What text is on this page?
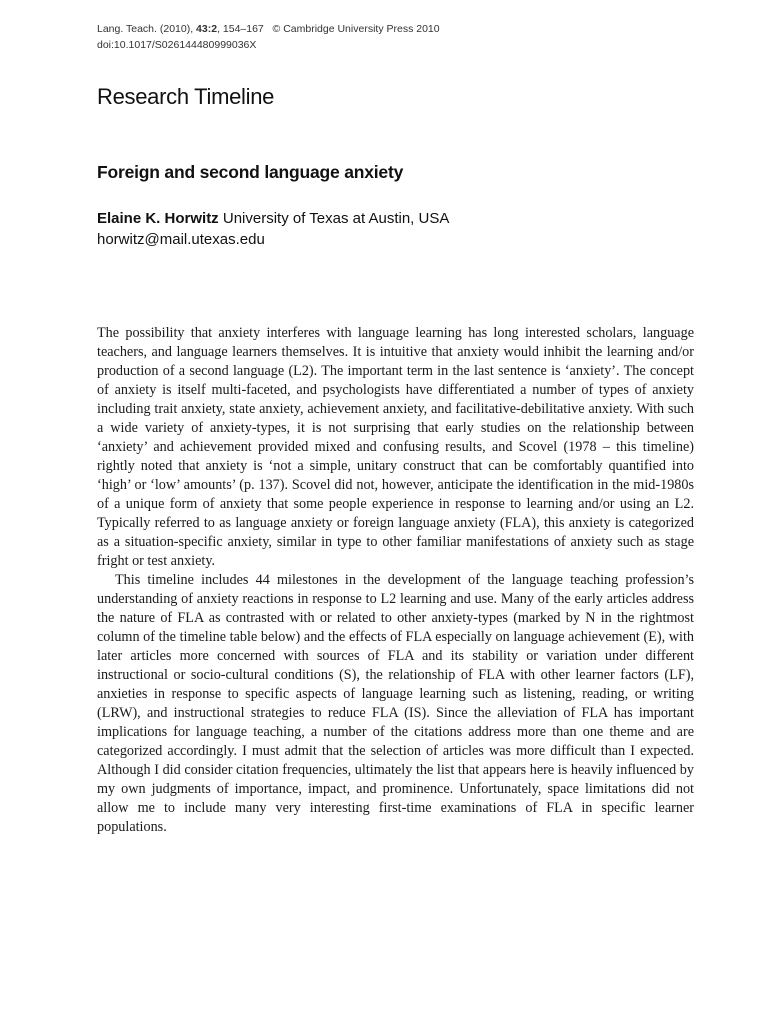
Lang. Teach. (2010), 43:2, 154–167 © Cambridge University Press 2010
doi:10.1017/S026144480999036X
Research Timeline
Foreign and second language anxiety
Elaine K. Horwitz University of Texas at Austin, USA
horwitz@mail.utexas.edu

The possibility that anxiety interferes with language learning has long interested scholars, language teachers, and language learners themselves. It is intuitive that anxiety would inhibit the learning and/or production of a second language (L2). The important term in the last sentence is ‘anxiety’. The concept of anxiety is itself multi-faceted, and psychologists have differentiated a number of types of anxiety including trait anxiety, state anxiety, achievement anxiety, and facilitative-debilitative anxiety. With such a wide variety of anxiety-types, it is not surprising that early studies on the relationship between ‘anxiety’ and achievement provided mixed and confusing results, and Scovel (1978 – this timeline) rightly noted that anxiety is ‘not a simple, unitary construct that can be comfortably quantified into ‘high’ or ‘low’ amounts’ (p. 137). Scovel did not, however, anticipate the identification in the mid-1980s of a unique form of anxiety that some people experience in response to learning and/or using an L2. Typically referred to as language anxiety or foreign language anxiety (FLA), this anxiety is categorized as a situation-specific anxiety, similar in type to other familiar manifestations of anxiety such as stage fright or test anxiety.

This timeline includes 44 milestones in the development of the language teaching profession’s understanding of anxiety reactions in response to L2 learning and use. Many of the early articles address the nature of FLA as contrasted with or related to other anxiety-types (marked by N in the rightmost column of the timeline table below) and the effects of FLA especially on language achievement (E), with later articles more concerned with sources of FLA and its stability or variation under different instructional or socio-cultural conditions (S), the relationship of FLA with other learner factors (LF), anxieties in response to specific aspects of language learning such as listening, reading, or writing (LRW), and instructional strategies to reduce FLA (IS). Since the alleviation of FLA has important implications for language teaching, a number of the citations address more than one theme and are categorized accordingly. I must admit that the selection of articles was more difficult than I expected. Although I did consider citation frequencies, ultimately the list that appears here is heavily influenced by my own judgments of importance, impact, and prominence. Unfortunately, space limitations did not allow me to include many very interesting first-time examinations of FLA in specific learner populations.
